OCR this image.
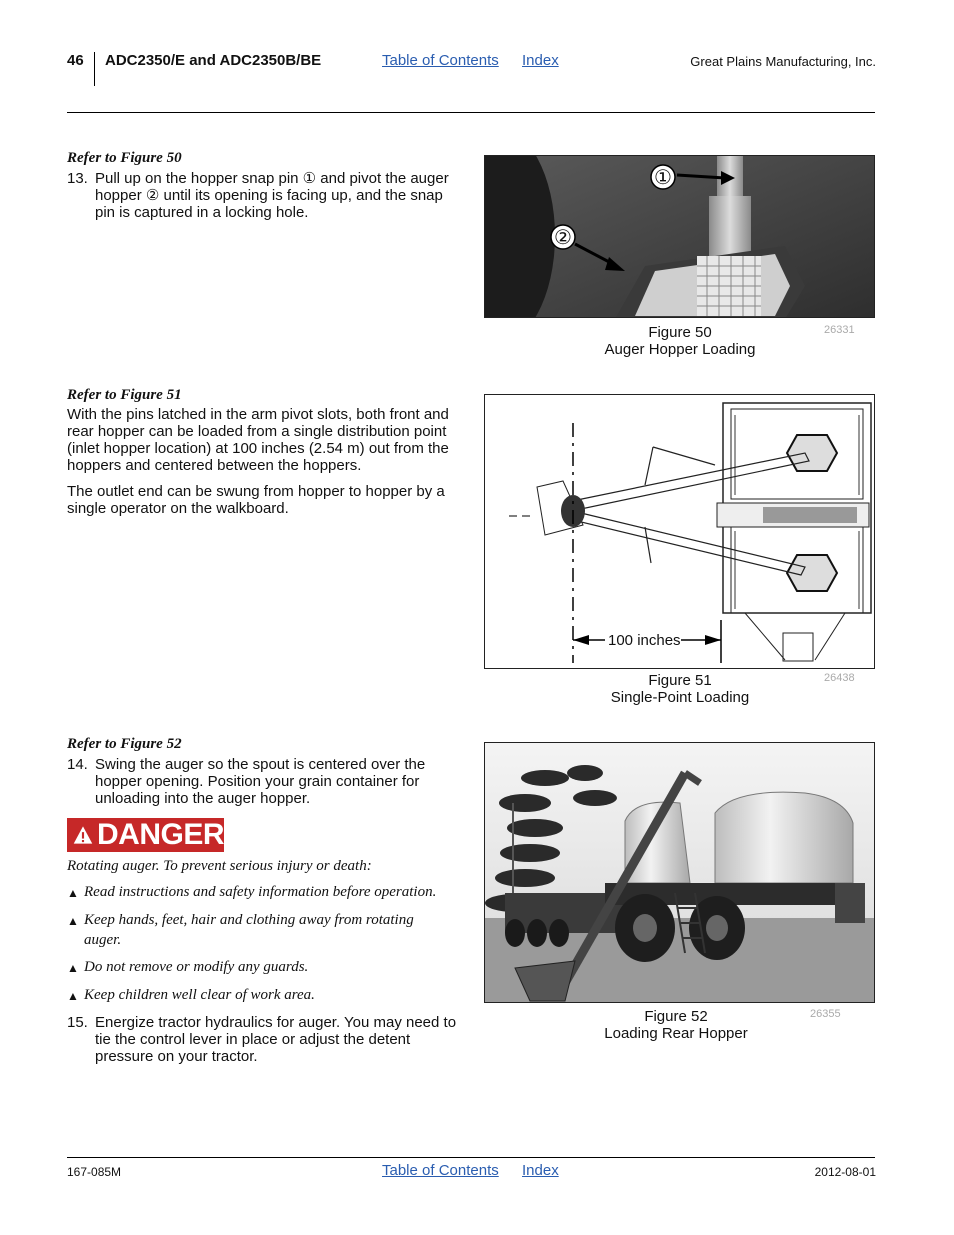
46 ADC2350/E and ADC2350B/BE	Table of Contents Index	Great Plains Manufacturing, Inc.
Refer to Figure 50
13. Pull up on the hopper snap pin ① and pivot the auger hopper ② until its opening is facing up, and the snap pin is captured in a locking hole.
①
②
Figure 50
Auger Hopper Loading
26331
Refer to Figure 51
With the pins latched in the arm pivot slots, both front and rear hopper can be loaded from a single distribution point (inlet hopper location) at 100 inches (2.54 m) out from the hoppers and centered between the hoppers.
The outlet end can be swung from hopper to hopper by a single operator on the walkboard.
100 inches
Figure 51
Single-Point Loading
26438
Refer to Figure 52
14. Swing the auger so the spout is centered over the hopper opening. Position your grain container for unloading into the auger hopper.
DANGER
Rotating auger. To prevent serious injury or death:
▲ Read instructions and safety information before operation.
▲ Keep hands, feet, hair and clothing away from rotating auger.
▲ Do not remove or modify any guards.
▲ Keep children well clear of work area.
15. Energize tractor hydraulics for auger. You may need to tie the control lever in place or adjust the detent pressure on your tractor.
Figure 52
Loading Rear Hopper
26355
167-085M	Table of Contents Index	2012-08-01
